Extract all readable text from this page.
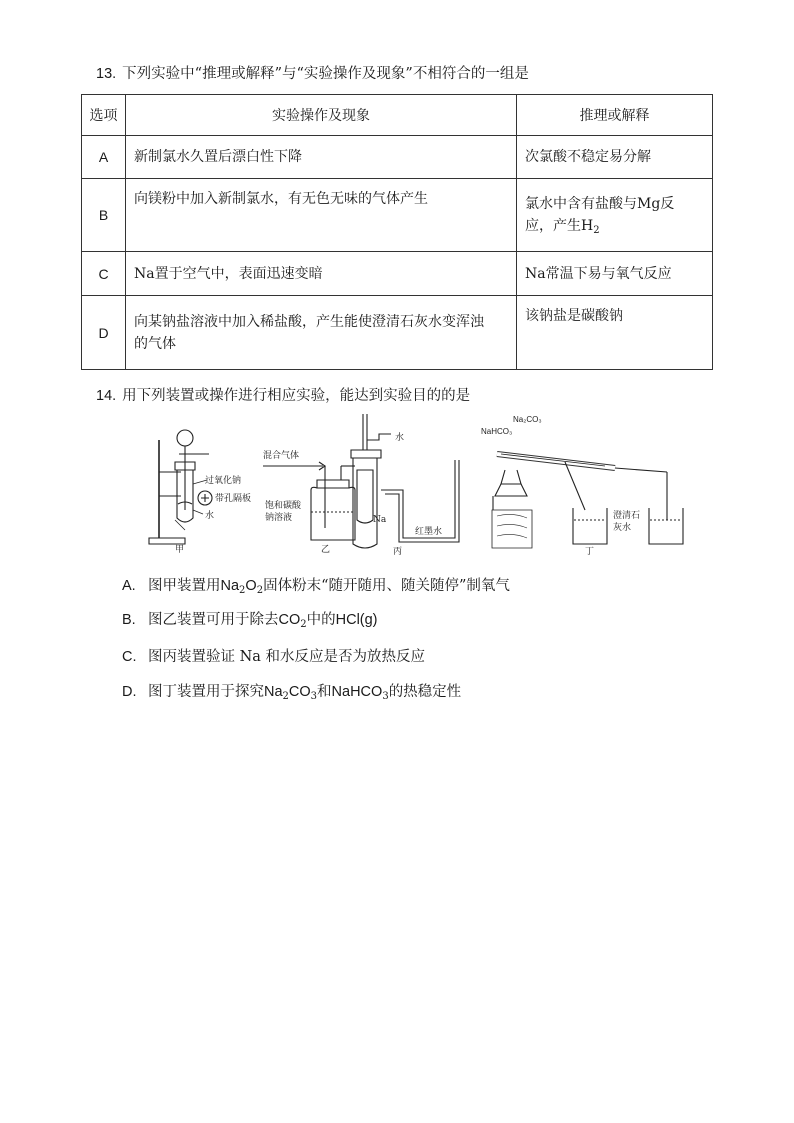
13. 下列实验中“推理或解释”与“实验操作及现象”不相符合的一组是
选项	实验操作及现象	推理或解释
A	新制氯水久置后漂白性下降	次氯酸不稳定易分解
B	向镁粉中加入新制氯水，有无色无味的气体产生	氯水中含有盐酸与Mg反
应，产生$H_2$

C	Na置于空气中，表面迅速变暗	Na常温下易与氧气反应
D	向某钠盐溶液中加入稀盐酸，产生能使澄清石灰水变浑浊
的气体	该钠盐是碳酸钠
14. 用下列装置或操作进行相应实验，能达到实验目的的是
过氧化钠
带孔隔板
水
甲
混合气体
饱和碳酸
钠溶液
乙
水
Na
红墨水
丙
NaHCO₃
Na₂CO₃
澄清石
灰水
丁
A. 图甲装置用$Na_2O_2$固体粉末“随开随用、随关随停”制氧气
B. 图乙装置可用于除去$CO_2$中的HCl(g)
C. 图丙装置验证 Na 和水反应是否为放热反应
D. 图丁装置用于探究$Na_2CO_3$和NaHCO$_3$的热稳定性
